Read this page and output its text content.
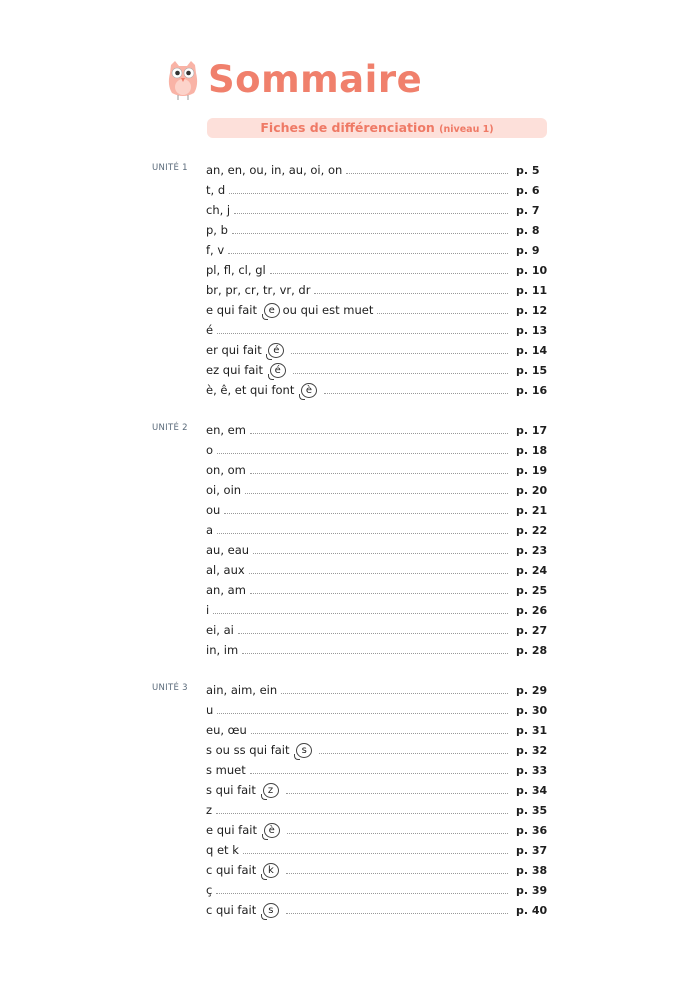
Sommaire
Fiches de différenciation (niveau 1)
UNITÉ 1 an, en, ou, in, au, oi, on	p. 5
t, d	p. 6
ch, j	p. 7
p, b	p. 8
f, v	p. 9
pl, fl, cl, gl	p. 10
br, pr, cr, tr, vr, dr	p. 11
e qui fait
	e ou qui est muet	p. 12
é	p. 13
er qui fait
	é	p. 14
ez qui fait
	é	p. 15
è, ê, et qui font
	è	p. 16
UNITÉ 2 en, em	p. 17
o	p. 18
on, om	p. 19
oi, oin	p. 20
ou	p. 21
a	p. 22
au, eau	p. 23
al, aux	p. 24
an, am	p. 25
i	p. 26
ei, ai	p. 27
in, im	p. 28
UNITÉ 3 ain, aim, ein	p. 29
u	p. 30
eu, œu	p. 31
s ou ss qui fait
	s	p. 32
s muet	p. 33
s qui fait
	z	p. 34
z	p. 35
e qui fait
	è	p. 36
q et k	p. 37
c qui fait
	k	p. 38
ç	p. 39
c qui fait
	s	p. 40
